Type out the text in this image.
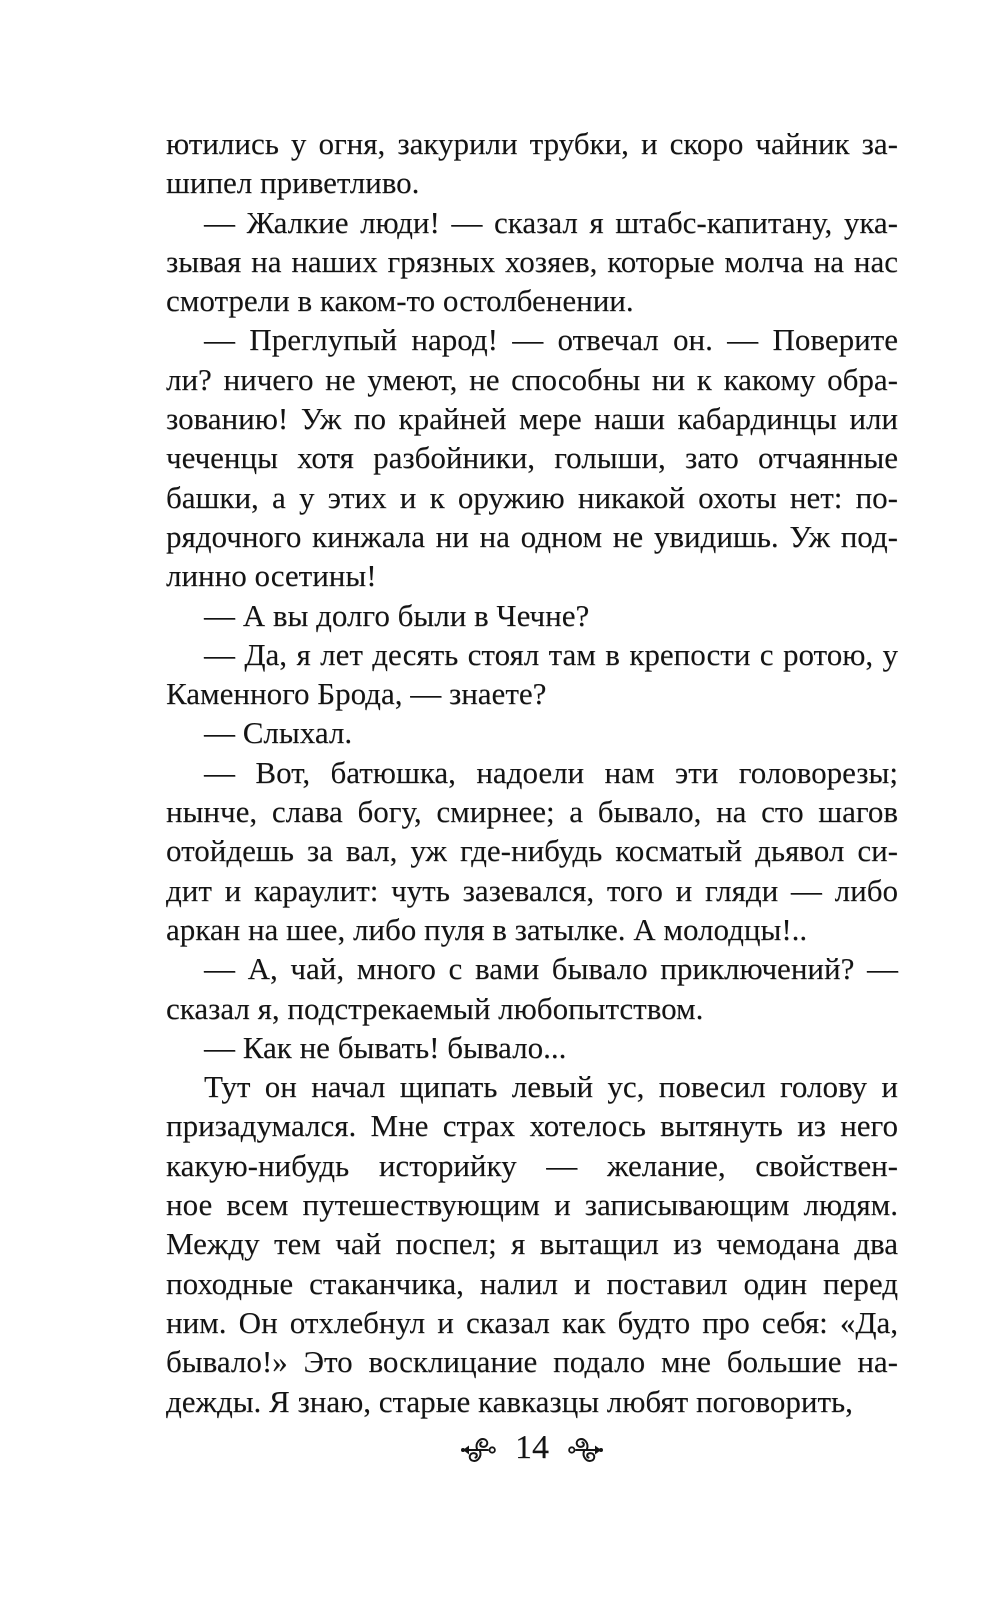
ютились у огня, закурили трубки, и скоро чайник за-
шипел приветливо.
— Жалкие люди! — сказал я штабс-капитану, ука-
зывая на наших грязных хозяев, которые молча на нас
смотрели в каком-то остолбенении.
— Преглупый народ! — отвечал он. — Поверите
ли? ничего не умеют, не способны ни к какому обра-
зованию! Уж по крайней мере наши кабардинцы или
чеченцы хотя разбойники, голыши, зато отчаянные
башки, а у этих и к оружию никакой охоты нет: по-
рядочного кинжала ни на одном не увидишь. Уж под-
линно осетины!
— А вы долго были в Чечне?
— Да, я лет десять стоял там в крепости с ротою, у
Каменного Брода, — знаете?
— Слыхал.
— Вот, батюшка, надоели нам эти головорезы;
нынче, слава богу, смирнее; а бывало, на сто шагов
отойдешь за вал, уж где-нибудь косматый дьявол си-
дит и караулит: чуть зазевался, того и гляди — либо
аркан на шее, либо пуля в затылке. А молодцы!..
— А, чай, много с вами бывало приключений? —
сказал я, подстрекаемый любопытством.
— Как не бывать! бывало...
Тут он начал щипать левый ус, повесил голову и
призадумался. Мне страх хотелось вытянуть из него
какую-нибудь историйку — желание, свойствен-
ное всем путешествующим и записывающим людям.
Между тем чай поспел; я вытащил из чемодана два
походные стаканчика, налил и поставил один перед
ним. Он отхлебнул и сказал как будто про себя: «Да,
бывало!» Это восклицание подало мне большие на-
дежды. Я знаю, старые кавказцы любят поговорить,
14
